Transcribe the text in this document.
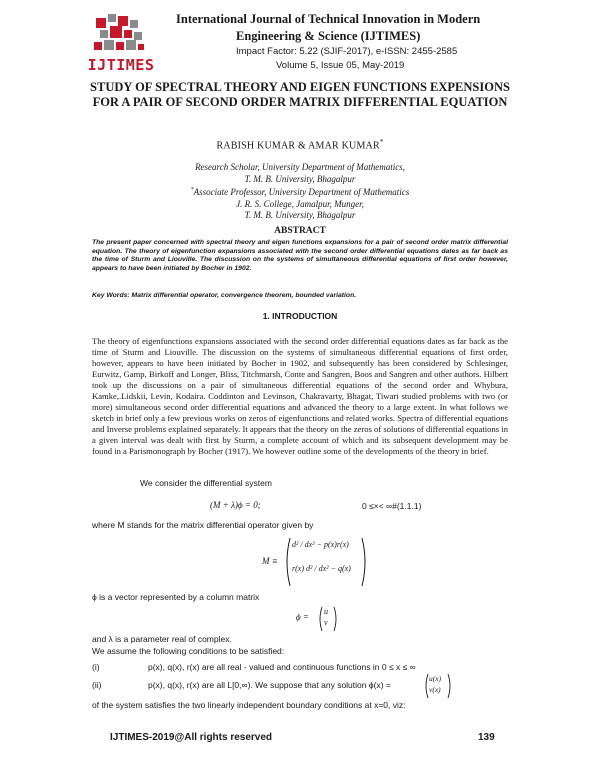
IJTIMES
International Journal of Technical Innovation in Modern
Engineering & Science (IJTIMES)
Impact Factor: 5.22 (SJIF-2017), e-ISSN: 2455-2585
Volume 5, Issue 05, May-2019
STUDY OF SPECTRAL THEORY AND EIGEN FUNCTIONS EXPENSIONS FOR A PAIR OF SECOND ORDER MATRIX DIFFERENTIAL EQUATION
RABISH KUMAR & AMAR KUMAR*
Research Scholar, University Department of Mathematics,
T. M. B. University, Bhagalpur
*Associate Professor, University Department of Mathematics
J. R. S. College, Jamalpur, Munger,
T. M. B. University, Bhagalpur
ABSTRACT
The present paper concerned with spectral theory and eigen functions expansions for a pair of second order matrix differential equation. The theory of eigenfunction expansions associated with the second order differential equations dates as far back as the time of Sturm and Liouville. The discussion on the systems of simultaneous differential equations of first order however, appears to have been initiated by Bocher in 1902.
Key Words: Matrix differential operator, convergence theorem, bounded variation.
1. INTRODUCTION
The theory of eigenfunctions expansions associated with the second order differential equations dates as far back as the time of Sturm and Liouville. The discussion on the systems of simultaneous differential equations of first order, however, appears to have been initiated by Bocher in 1902, and subsequently has been considered by Schlesinger, Eurwitz, Gamp, Birkoff and Longer, Bliss, Titchmarsh, Conte and Sangren, Boos and Sangren and other authors. Hilbert took up the discussions on a pair of simultaneous differential equations of the second order and Whybura, Kamke,.Lidskii, Levin, Kodaira. Coddinton and Levinson, Chakravarty, Bhagat, Tiwari studied problems with two (or more) simultaneous second order differential equations and advanced the theory to a large extent. In what follows we sketch in brief only a few previous works on zeros of eigenfunctions and related works. Spectra of differential equations and Inverse problems explained separately. It appears that the theory on the zeros of solutions of differential equations in a given interval was dealt with first by Sturm, a complete account of which and its subsequent development may be found in a Parismonograph by Bocher (1917). We however outline some of the developments of the theory in brief.
We consider the differential system
(M + λ)ϕ = 0;	0 ≤×< ∞#(1.1.1)
where M stands for the matrix differential operator given by
M ≡
d² / dx² − p(x)r(x)
r(x) d² / dx² − q(x)
ϕ is a vector represented by a column matrix
ϕ =
u
v
and λ is a parameter real of complex.
We assume the following conditions to be satisfied:
(i)	p(x), q(x), r(x) are all real - valued and continuous functions in 0 ≤ x ≤ ∞
(ii)	p(x), q(x), r(x) are all L[0,∞). We suppose that any solution ϕ(x) =
u(x)
v(x)
of the system satisfies the two linearly independent boundary conditions at x=0, viz:
IJTIMES-2019@All rights reserved	139
